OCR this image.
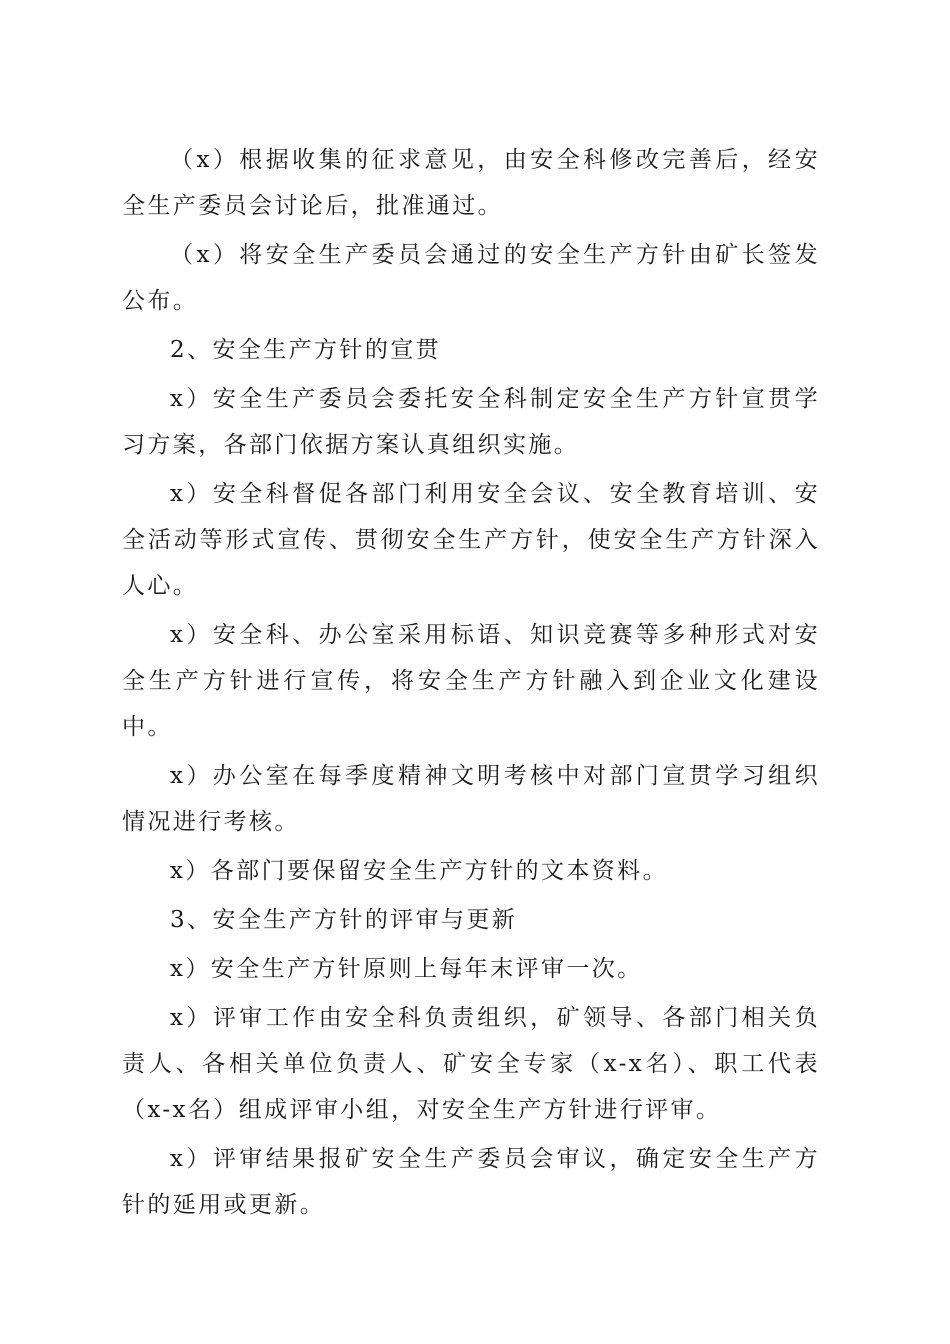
（x）根据收集的征求意见，由安全科修改完善后，经安全生产委员会讨论后，批准通过。

（x）将安全生产委员会通过的安全生产方针由矿长签发公布。

2、安全生产方针的宣贯

x）安全生产委员会委托安全科制定安全生产方针宣贯学习方案，各部门依据方案认真组织实施。

x）安全科督促各部门利用安全会议、安全教育培训、安全活动等形式宣传、贯彻安全生产方针，使安全生产方针深入人心。

x）安全科、办公室采用标语、知识竞赛等多种形式对安全生产方针进行宣传，将安全生产方针融入到企业文化建设中。

x）办公室在每季度精神文明考核中对部门宣贯学习组织情况进行考核。

x）各部门要保留安全生产方针的文本资料。

3、安全生产方针的评审与更新

x）安全生产方针原则上每年末评审一次。

x）评审工作由安全科负责组织，矿领导、各部门相关负责人、各相关单位负责人、矿安全专家（x-x名）、职工代表（x-x名）组成评审小组，对安全生产方针进行评审。

x）评审结果报矿安全生产委员会审议，确定安全生产方针的延用或更新。
